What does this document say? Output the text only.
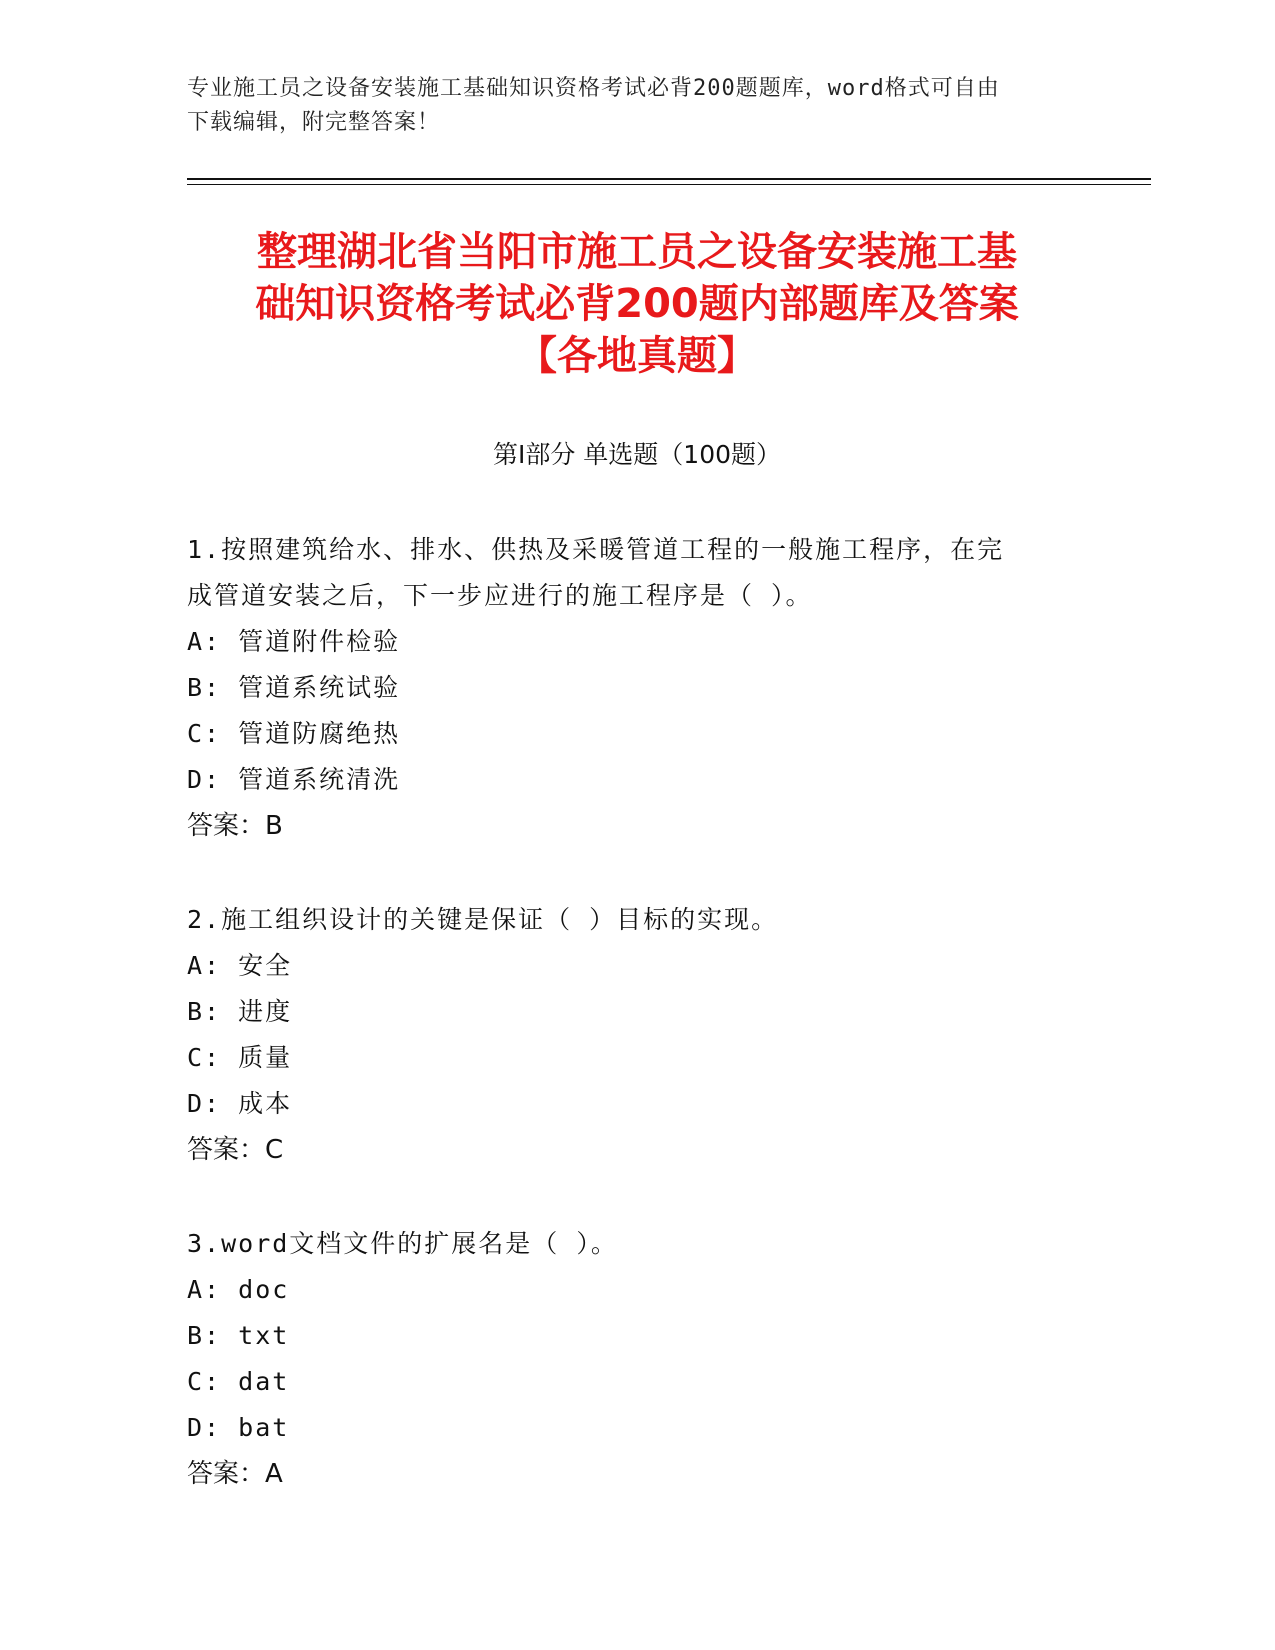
专业施工员之设备安装施工基础知识资格考试必背200题题库，word格式可自由
下载编辑，附完整答案！
整理湖北省当阳市施工员之设备安装施工基
础知识资格考试必背200题内部题库及答案
【各地真题】
第Ⅰ部分 单选题（100题）

1.按照建筑给水、排水、供热及采暖管道工程的一般施工程序，在完

成管道安装之后，下一步应进行的施工程序是（ ）。

A: 管道附件检验

B: 管道系统试验

C: 管道防腐绝热

D: 管道系统清洗

答案：B

2.施工组织设计的关键是保证（ ）目标的实现。

A: 安全

B: 进度

C: 质量

D: 成本

答案：C

3.word文档文件的扩展名是（ ）。

A: doc

B: txt

C: dat

D: bat

答案：A
